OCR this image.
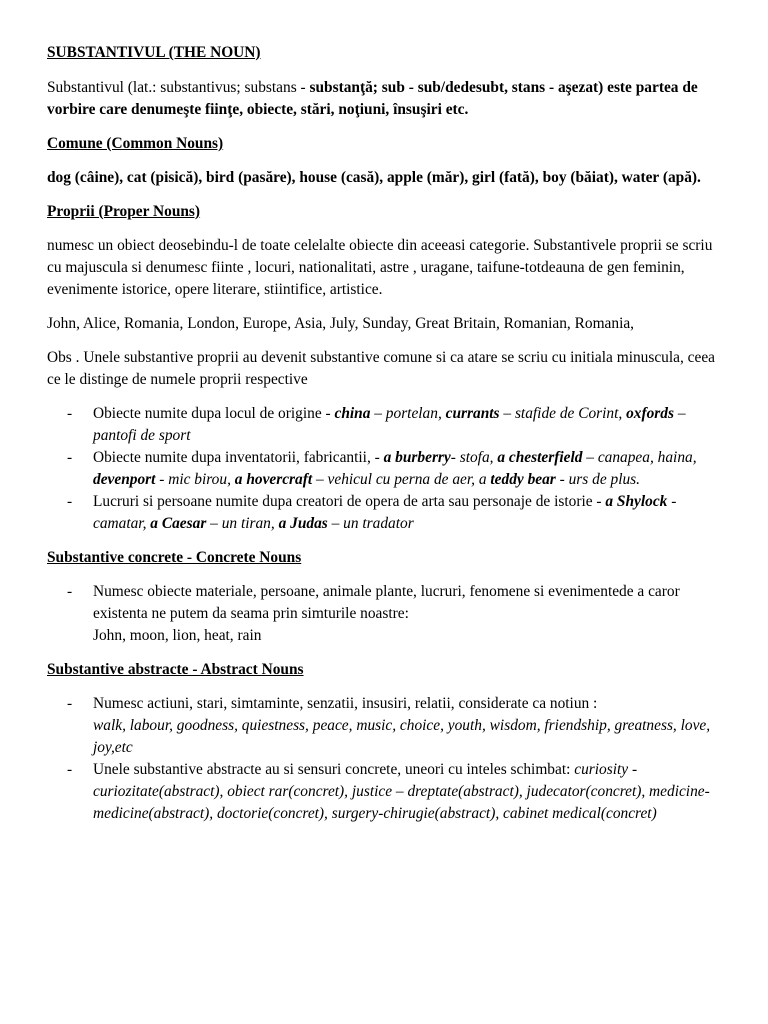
SUBSTANTIVUL (THE NOUN)

Substantivul (lat.: substantivus; substans - substanţă; sub - sub/dedesubt, stans - aşezat) este partea de vorbire care denumeşte fiinţe, obiecte, stări, noţiuni, însuşiri etc.

Comune (Common Nouns)

dog (câine), cat (pisică), bird (pasăre), house (casă), apple (măr), girl (fată), boy (băiat), water (apă).

Proprii (Proper Nouns)

numesc un obiect deosebindu-l de toate celelalte obiecte din aceeasi categorie. Substantivele proprii se scriu cu majuscula si denumesc fiinte , locuri, nationalitati, astre , uragane, taifune-totdeauna de gen feminin, evenimente istorice, opere literare, stiintifice, artistice.

John, Alice, Romania, London, Europe, Asia, July, Sunday, Great Britain, Romanian, Romania,

Obs . Unele substantive proprii au devenit substantive comune si ca atare se scriu cu initiala minuscula, ceea ce le distinge de numele proprii respective

- Obiecte numite dupa locul de origine - china – portelan, currants – stafide de Corint, oxfords – pantofi de sport
- Obiecte numite dupa inventatorii, fabricantii, - a burberry- stofa, a chesterfield – canapea, haina, devenport - mic birou, a hovercraft – vehicul cu perna de aer, a teddy bear - urs de plus.
- Lucruri si persoane numite dupa creatori de opera de arta sau personaje de istorie - a Shylock - camatar, a Caesar – un tiran, a Judas – un tradator
Substantive concrete - Concrete Nouns
- Numesc obiecte materiale, persoane, animale plante, lucruri, fenomene si evenimentede a caror existenta ne putem da seama prin simturile noastre:
John, moon, lion, heat, rain
Substantive abstracte - Abstract Nouns
- Numesc actiuni, stari, simtaminte, senzatii, insusiri, relatii, considerate ca notiun :
walk, labour, goodness, quiestness, peace, music, choice, youth, wisdom, friendship, greatness, love, joy,etc
- Unele substantive abstracte au si sensuri concrete, uneori cu inteles schimbat: curiosity - curiozitate(abstract), obiect rar(concret), justice – dreptate(abstract), judecator(concret), medicine-medicine(abstract), doctorie(concret), surgery-chirugie(abstract), cabinet medical(concret)
